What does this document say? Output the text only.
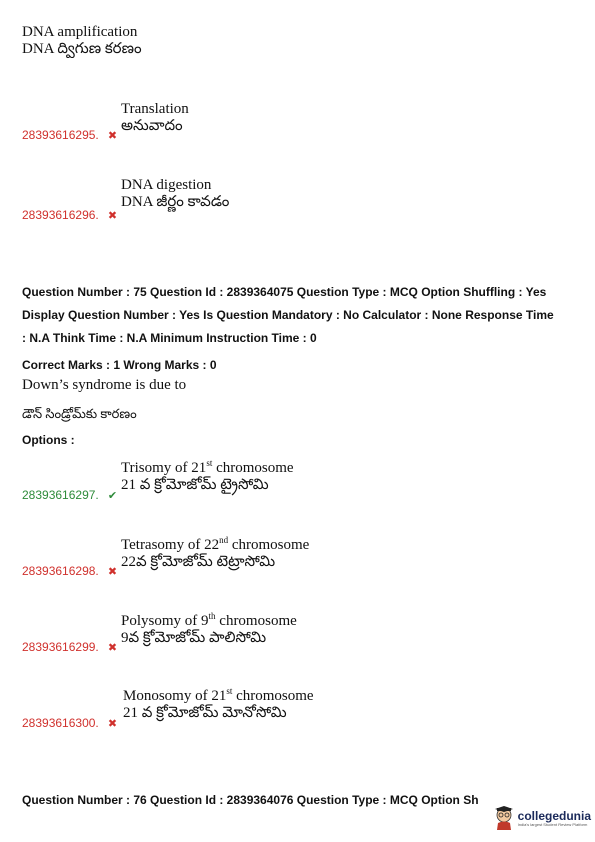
DNA amplification
DNA ద్విగుణ కరణం
28393616295. ✖
Translation
అనువాదం
28393616296. ✖
DNA digestion
DNA జీర్ణం కావడం
Question Number : 75 Question Id : 2839364075 Question Type : MCQ Option Shuffling : Yes
Display Question Number : Yes Is Question Mandatory : No Calculator : None Response Time
: N.A Think Time : N.A Minimum Instruction Time : 0
Correct Marks : 1 Wrong Marks : 0
Down’s syndrome is due to
డౌన్ సిండ్రోమ్‌కు కారణం
Options :
28393616297. ✔
Trisomy of 21st chromosome
21 వ క్రోమోజోమ్ ట్రైసోమి
28393616298. ✖
Tetrasomy of 22nd chromosome
22వ క్రోమోజోమ్ టెట్రాసోమి
28393616299. ✖
Polysomy of 9th chromosome
9వ క్రోమోజోమ్ పాలిసోమి
28393616300. ✖
Monosomy of 21st chromosome
21 వ క్రోమోజోమ్ మోనోసోమి
Question Number : 76 Question Id : 2839364076 Question Type : MCQ Option Sh
collegedunia
India's largest Student Review Platform
